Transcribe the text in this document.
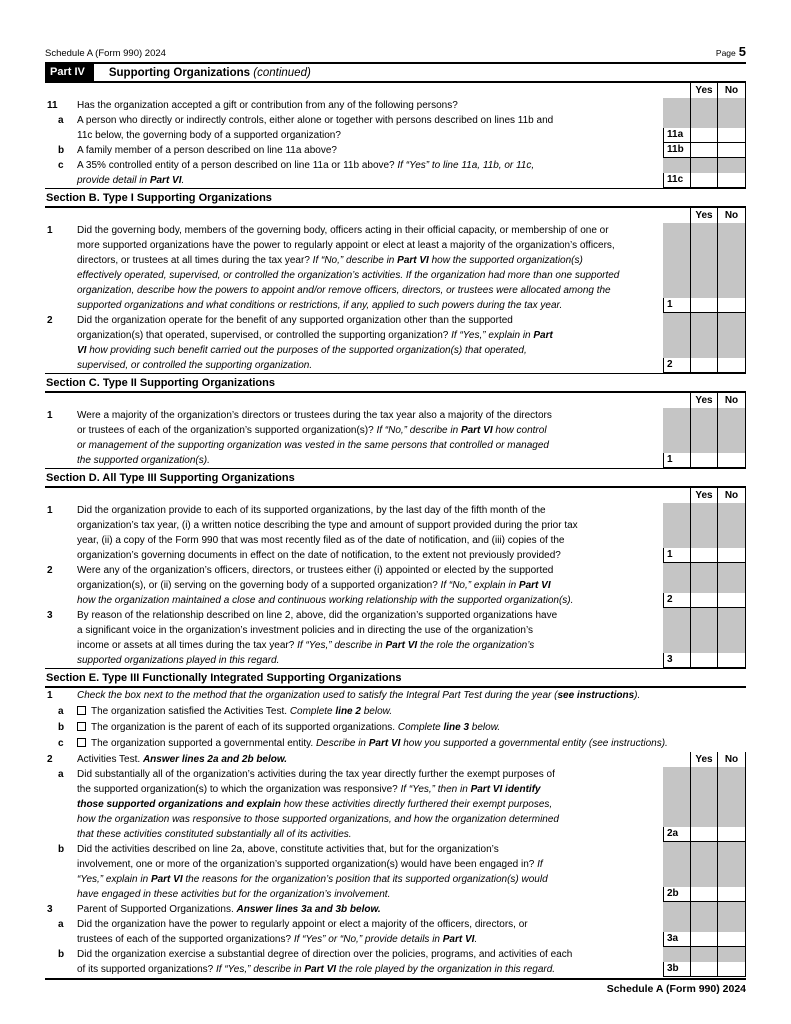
Schedule A (Form 990) 2024	Page 5
Part IV	Supporting Organizations (continued)
Yes	No
11 Has the organization accepted a gift or contribution from any of the following persons?
a A person who directly or indirectly controls, either alone or together with persons described on lines 11b and
11c below, the governing body of a supported organization?	11a
b A family member of a person described on line 11a above?	11b
c A 35% controlled entity of a person described on line 11a or 11b above? If “Yes” to line 11a, 11b, or 11c,
provide detail in Part VI.	11c
Section B. Type I Supporting Organizations
Yes	No
1 Did the governing body, members of the governing body, officers acting in their official capacity, or membership of one or
more supported organizations have the power to regularly appoint or elect at least a majority of the organization’s officers,
directors, or trustees at all times during the tax year? If “No,” describe in Part VI how the supported organization(s)
effectively operated, supervised, or controlled the organization’s activities. If the organization had more than one supported
organization, describe how the powers to appoint and/or remove officers, directors, or trustees were allocated among the
supported organizations and what conditions or restrictions, if any, applied to such powers during the tax year.	1
2 Did the organization operate for the benefit of any supported organization other than the supported
organization(s) that operated, supervised, or controlled the supporting organization? If “Yes,” explain in Part
VI how providing such benefit carried out the purposes of the supported organization(s) that operated,
supervised, or controlled the supporting organization.	2
Section C. Type II Supporting Organizations
Yes	No
1 Were a majority of the organization’s directors or trustees during the tax year also a majority of the directors
or trustees of each of the organization’s supported organization(s)? If “No,” describe in Part VI how control
or management of the supporting organization was vested in the same persons that controlled or managed
the supported organization(s).	1
Section D. All Type III Supporting Organizations
Yes	No
1 Did the organization provide to each of its supported organizations, by the last day of the fifth month of the
organization’s tax year, (i) a written notice describing the type and amount of support provided during the prior tax
year, (ii) a copy of the Form 990 that was most recently filed as of the date of notification, and (iii) copies of the
organization’s governing documents in effect on the date of notification, to the extent not previously provided?	1
2 Were any of the organization’s officers, directors, or trustees either (i) appointed or elected by the supported
organization(s), or (ii) serving on the governing body of a supported organization? If “No,” explain in Part VI
how the organization maintained a close and continuous working relationship with the supported organization(s).	2
3 By reason of the relationship described on line 2, above, did the organization’s supported organizations have
a significant voice in the organization’s investment policies and in directing the use of the organization’s
income or assets at all times during the tax year? If “Yes,” describe in Part VI the role the organization’s
supported organizations played in this regard.	3
Section E. Type III Functionally Integrated Supporting Organizations
1 Check the box next to the method that the organization used to satisfy the Integral Part Test during the year (see instructions).
a	The organization satisfied the Activities Test. Complete line 2 below.
b	The organization is the parent of each of its supported organizations. Complete line 3 below.
c	The organization supported a governmental entity. Describe in Part VI how you supported a governmental entity (see instructions).
2 Activities Test. Answer lines 2a and 2b below.	Yes	No
a Did substantially all of the organization’s activities during the tax year directly further the exempt purposes of
the supported organization(s) to which the organization was responsive? If “Yes,” then in Part VI identify
those supported organizations and explain how these activities directly furthered their exempt purposes,
how the organization was responsive to those supported organizations, and how the organization determined
that these activities constituted substantially all of its activities.	2a
b Did the activities described on line 2a, above, constitute activities that, but for the organization’s
involvement, one or more of the organization’s supported organization(s) would have been engaged in? If
“Yes,” explain in Part VI the reasons for the organization’s position that its supported organization(s) would
have engaged in these activities but for the organization’s involvement.	2b
3 Parent of Supported Organizations. Answer lines 3a and 3b below.
a Did the organization have the power to regularly appoint or elect a majority of the officers, directors, or
trustees of each of the supported organizations? If “Yes” or “No,” provide details in Part VI.	3a
b Did the organization exercise a substantial degree of direction over the policies, programs, and activities of each
of its supported organizations? If “Yes,” describe in Part VI the role played by the organization in this regard.	3b
Schedule A (Form 990) 2024
